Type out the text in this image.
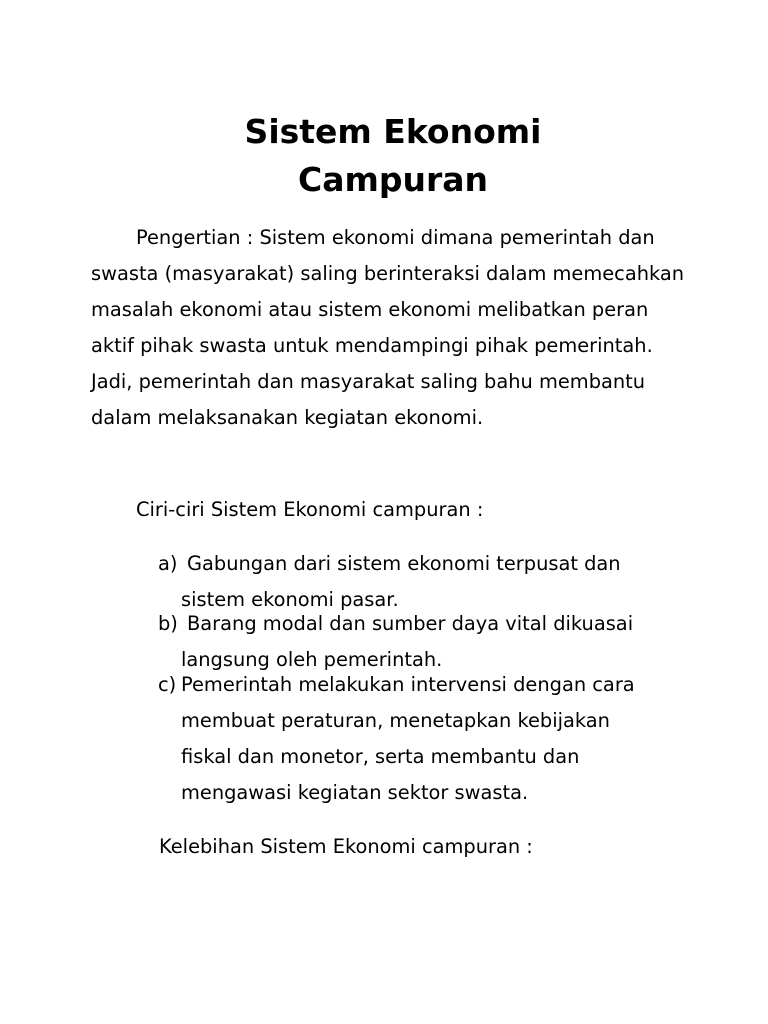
Sistem Ekonomi
Campuran
Pengertian : Sistem ekonomi dimana pemerintah dan swasta (masyarakat) saling berinteraksi dalam memecahkan masalah ekonomi atau sistem ekonomi melibatkan peran aktif pihak swasta untuk mendampingi pihak pemerintah. Jadi, pemerintah dan masyarakat saling bahu membantu dalam melaksanakan kegiatan ekonomi.
Ciri-ciri Sistem Ekonomi campuran :
a) Gabungan dari sistem ekonomi terpusat dan
sistem ekonomi pasar.
b) Barang modal dan sumber daya vital dikuasai
langsung oleh pemerintah.
c) Pemerintah melakukan intervensi dengan cara
membuat peraturan, menetapkan kebijakan fiskal dan monetor, serta membantu dan mengawasi kegiatan sektor swasta.
Kelebihan Sistem Ekonomi campuran :
